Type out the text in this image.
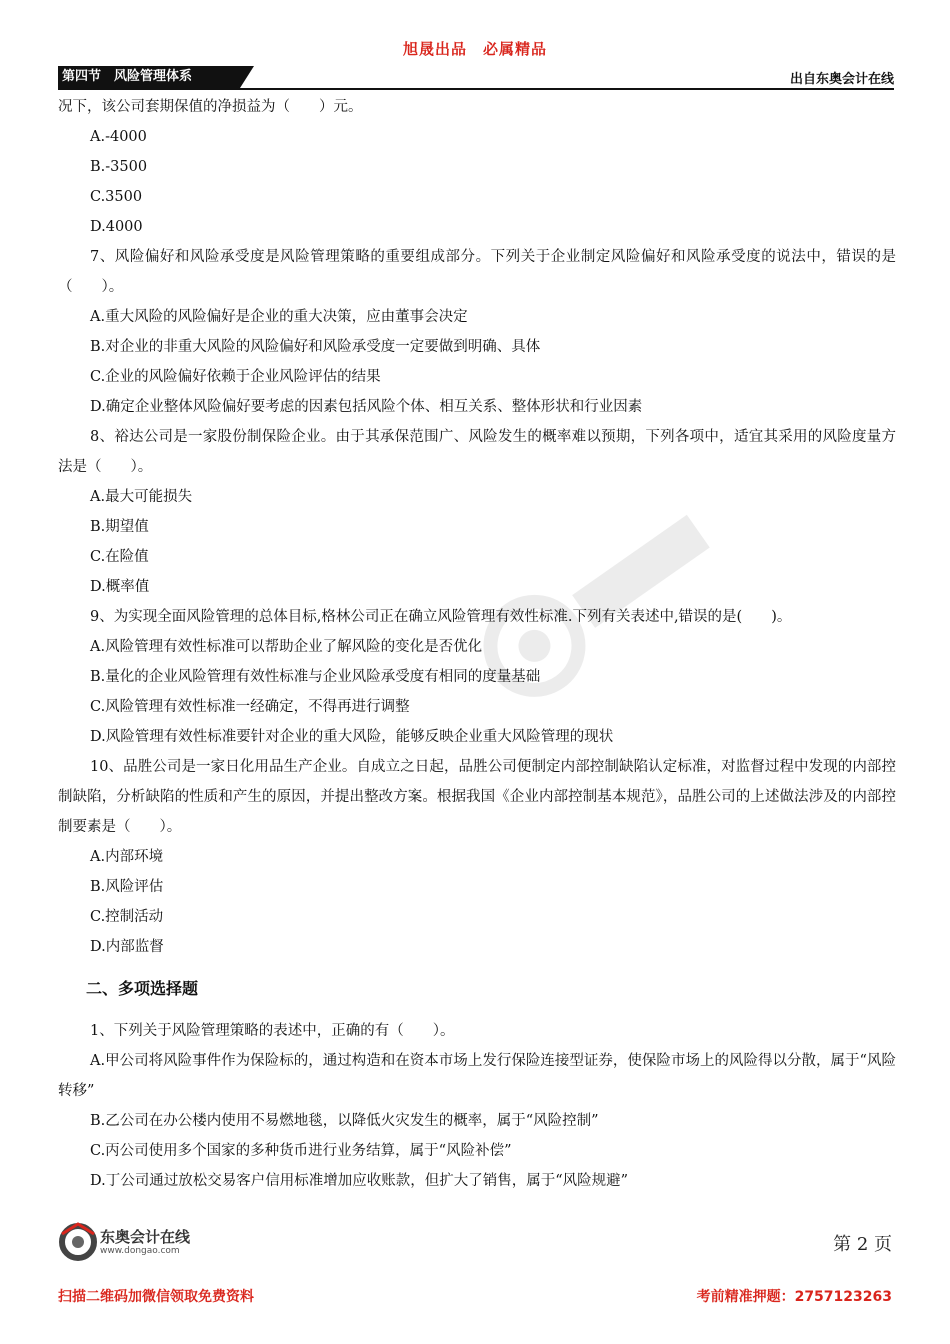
旭晟出品　必属精品
第四节　风险管理体系	出自东奥会计在线
况下，该公司套期保值的净损益为（　　）元。
A.-4000
B.-3500
C.3500
D.4000
7、风险偏好和风险承受度是风险管理策略的重要组成部分。下列关于企业制定风险偏好和风险承受度的说法中，错误的是（　　）。
A.重大风险的风险偏好是企业的重大决策，应由董事会决定
B.对企业的非重大风险的风险偏好和风险承受度一定要做到明确、具体
C.企业的风险偏好依赖于企业风险评估的结果
D.确定企业整体风险偏好要考虑的因素包括风险个体、相互关系、整体形状和行业因素
8、裕达公司是一家股份制保险企业。由于其承保范围广、风险发生的概率难以预期，下列各项中，适宜其采用的风险度量方法是（　　）。
A.最大可能损失
B.期望值
C.在险值
D.概率值
9、为实现全面风险管理的总体目标,格林公司正在确立风险管理有效性标准.下列有关表述中,错误的是(　　)。
A.风险管理有效性标准可以帮助企业了解风险的变化是否优化
B.量化的企业风险管理有效性标准与企业风险承受度有相同的度量基础
C.风险管理有效性标准一经确定，不得再进行调整
D.风险管理有效性标准要针对企业的重大风险，能够反映企业重大风险管理的现状
10、品胜公司是一家日化用品生产企业。自成立之日起，品胜公司便制定内部控制缺陷认定标准，对监督过程中发现的内部控制缺陷，分析缺陷的性质和产生的原因，并提出整改方案。根据我国《企业内部控制基本规范》，品胜公司的上述做法涉及的内部控制要素是（　　）。
A.内部环境
B.风险评估
C.控制活动
D.内部监督
二、多项选择题
1、下列关于风险管理策略的表述中，正确的有（　　）。
A.甲公司将风险事件作为保险标的，通过构造和在资本市场上发行保险连接型证券，使保险市场上的风险得以分散，属于“风险转移”
B.乙公司在办公楼内使用不易燃地毯，以降低火灾发生的概率，属于“风险控制”
C.丙公司使用多个国家的多种货币进行业务结算，属于“风险补偿”
D.丁公司通过放松交易客户信用标准增加应收账款，但扩大了销售，属于“风险规避”
东奥会计在线
www.dongao.com	第 2 页
扫描二维码加微信领取免费资料	考前精准押题：2757123263
